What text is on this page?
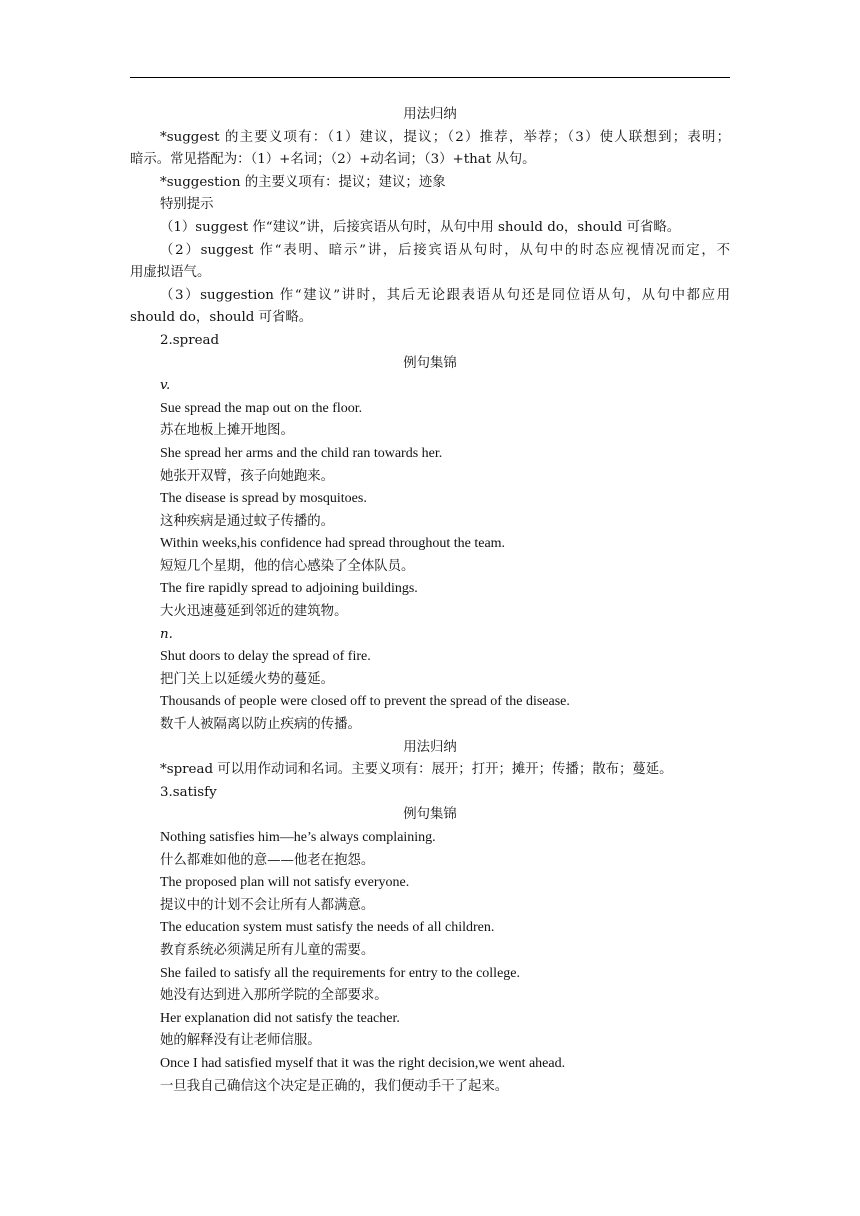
用法归纳
*suggest 的主要义项有：（1）建议，提议；（2）推荐，举荐；（3）使人联想到；表明；
暗示。常见搭配为：（1）+名词；（2）+动名词；（3）+that 从句。
*suggestion 的主要义项有：提议；建议；迹象
特别提示
（1）suggest 作“建议”讲，后接宾语从句时，从句中用 should do，should 可省略。
（2）suggest 作“表明、暗示”讲，后接宾语从句时，从句中的时态应视情况而定，不
用虚拟语气。
（3）suggestion 作“建议”讲时，其后无论跟表语从句还是同位语从句，从句中都应用
should do，should 可省略。
2.spread
例句集锦
v.
Sue spread the map out on the floor.
苏在地板上摊开地图。
She spread her arms and the child ran towards her.
她张开双臂，孩子向她跑来。
The disease is spread by mosquitoes.
这种疾病是通过蚊子传播的。
Within weeks,his confidence had spread throughout the team.
短短几个星期，他的信心感染了全体队员。
The fire rapidly spread to adjoining buildings.
大火迅速蔓延到邻近的建筑物。
n.
Shut doors to delay the spread of fire.
把门关上以延缓火势的蔓延。
Thousands of people were closed off to prevent the spread of the disease.
数千人被隔离以防止疾病的传播。
用法归纳
*spread 可以用作动词和名词。主要义项有：展开；打开；摊开；传播；散布；蔓延。
3.satisfy
例句集锦
Nothing satisfies him—he’s always complaining.
什么都难如他的意——他老在抱怨。
The proposed plan will not satisfy everyone.
提议中的计划不会让所有人都满意。
The education system must satisfy the needs of all children.
教育系统必须满足所有儿童的需要。
She failed to satisfy all the requirements for entry to the college.
她没有达到进入那所学院的全部要求。
Her explanation did not satisfy the teacher.
她的解释没有让老师信服。
Once I had satisfied myself that it was the right decision,we went ahead.
一旦我自己确信这个决定是正确的，我们便动手干了起来。
